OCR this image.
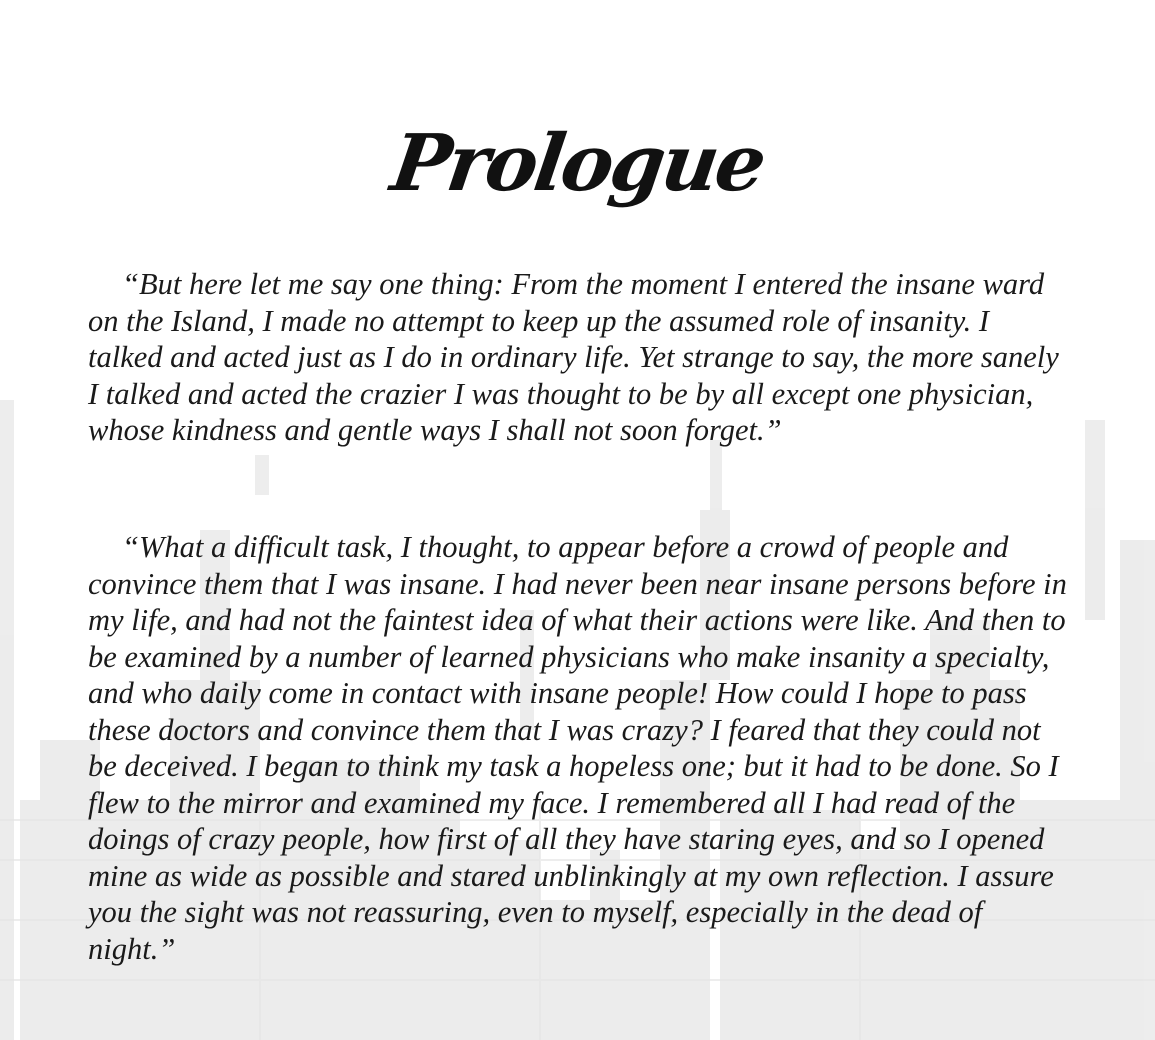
Prologue
“But here let me say one thing: From the moment I entered the insane ward
on the Island, I made no attempt to keep up the assumed role of insanity. I
talked and acted just as I do in ordinary life. Yet strange to say, the more sanely
I talked and acted the crazier I was thought to be by all except one physician,
whose kindness and gentle ways I shall not soon forget.”
“What a difficult task, I thought, to appear before a crowd of people and
convince them that I was insane. I had never been near insane persons before in
my life, and had not the faintest idea of what their actions were like. And then to
be examined by a number of learned physicians who make insanity a specialty,
and who daily come in contact with insane people! How could I hope to pass
these doctors and convince them that I was crazy? I feared that they could not
be deceived. I began to think my task a hopeless one; but it had to be done. So I
flew to the mirror and examined my face. I remembered all I had read of the
doings of crazy people, how first of all they have staring eyes, and so I opened
mine as wide as possible and stared unblinkingly at my own reflection. I assure
you the sight was not reassuring, even to myself, especially in the dead of
night.”
